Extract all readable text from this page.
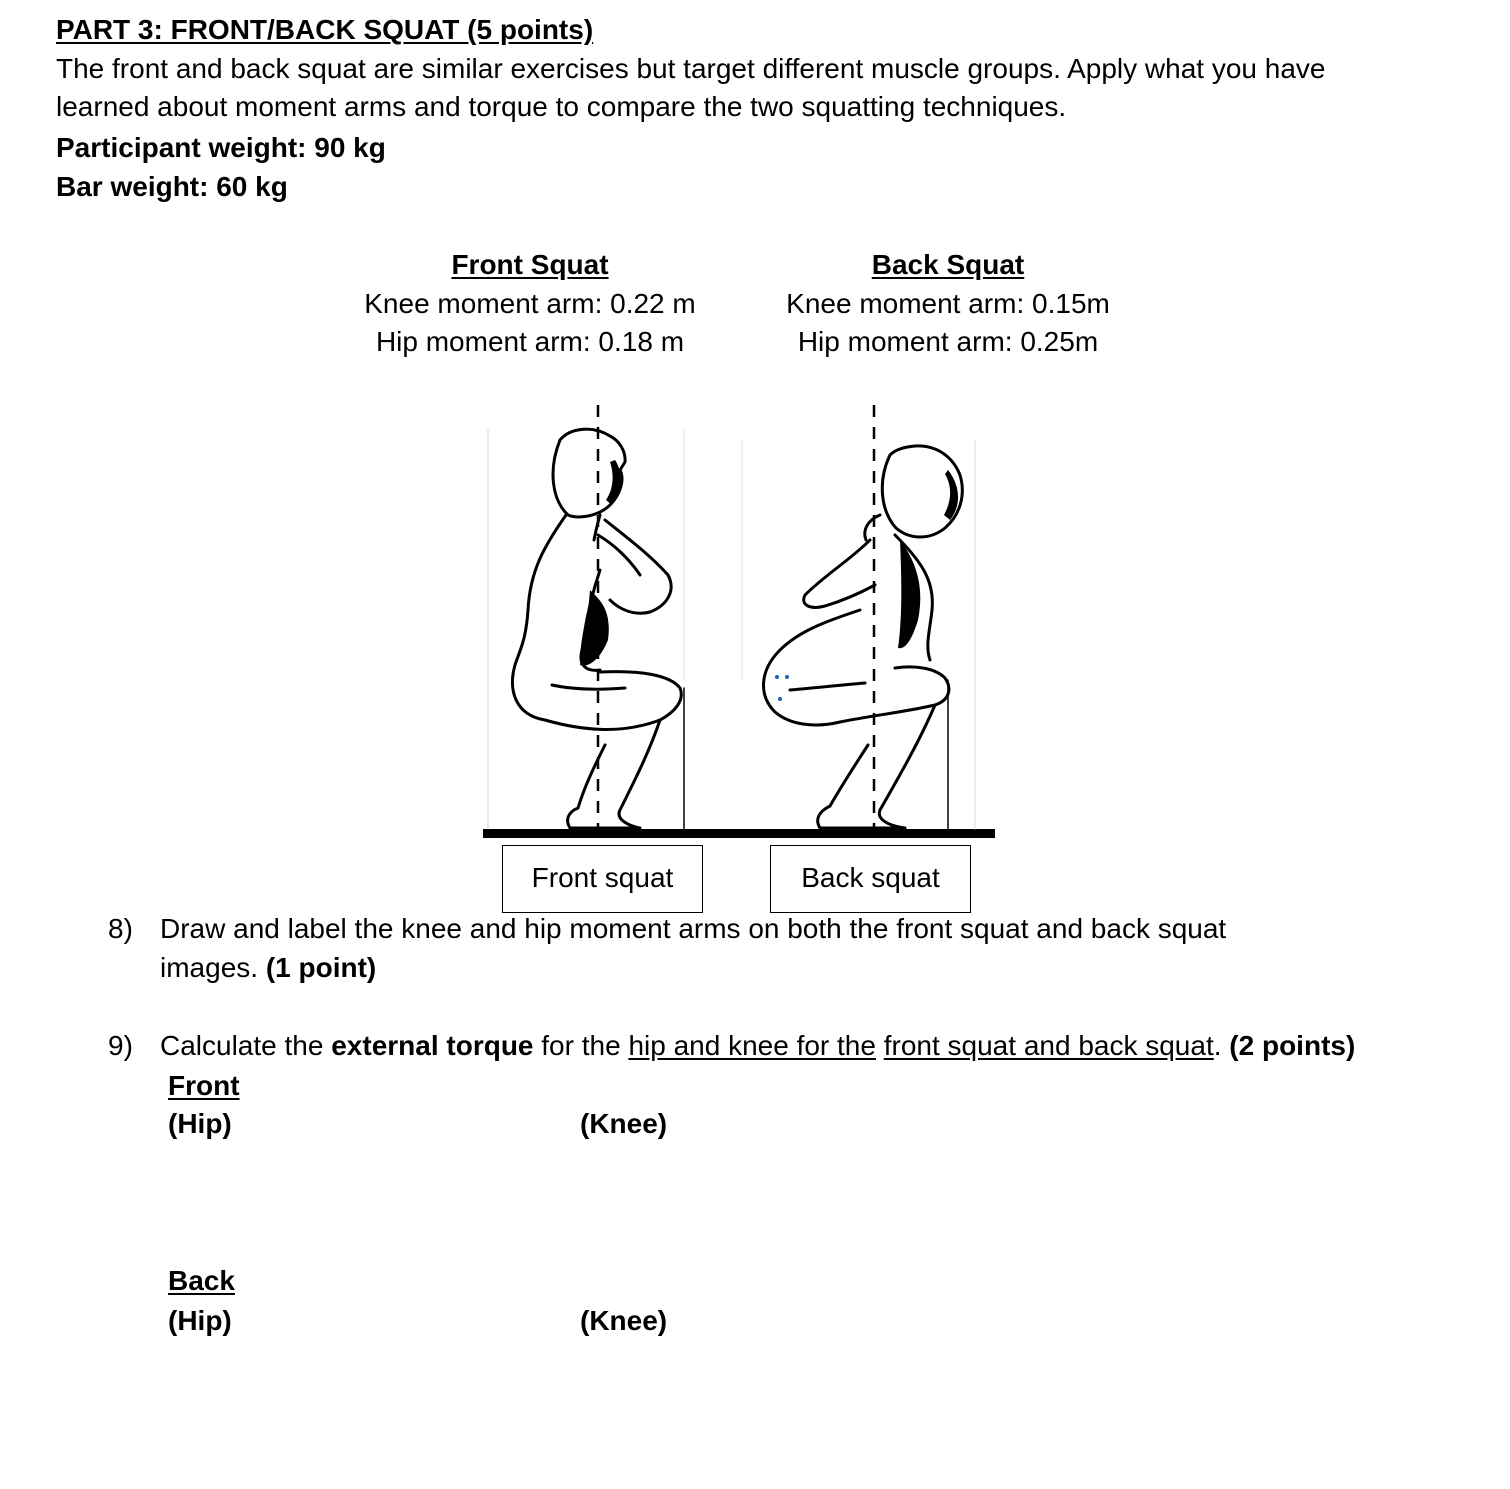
PART 3: FRONT/BACK SQUAT (5 points)
The front and back squat are similar exercises but target different muscle groups. Apply what you have
learned about moment arms and torque to compare the two squatting techniques.
Participant weight: 90 kg
Bar weight: 60 kg
Front Squat
Knee moment arm: 0.22 m
Hip moment arm: 0.18 m
Back Squat
Knee moment arm: 0.15m
Hip moment arm: 0.25m
Front squat	Back squat
8) Draw and label the knee and hip moment arms on both the front squat and back squat
images. (1 point)
9) Calculate the external torque for the hip and knee for the front squat and back squat. (2 points)
Front
(Hip)	(Knee)
Back
(Hip)	(Knee)
